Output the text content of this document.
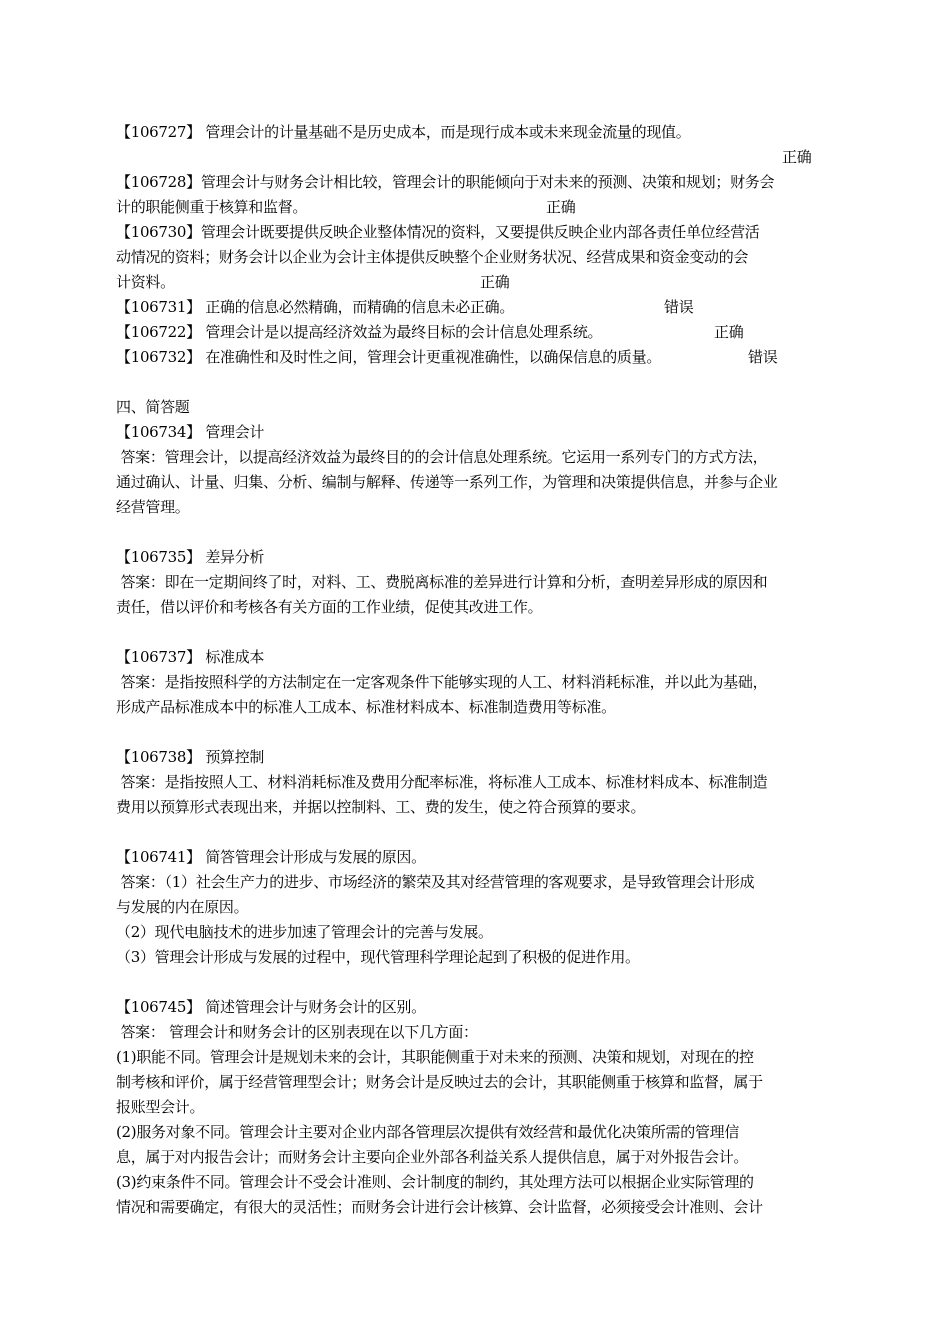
【106727】 管理会计的计量基础不是历史成本，而是现行成本或未来现金流量的现值。
正确
【106728】管理会计与财务会计相比较，管理会计的职能倾向于对未来的预测、决策和规划；财务会
计的职能侧重于核算和监督。	正确
【106730】管理会计既要提供反映企业整体情况的资料，又要提供反映企业内部各责任单位经营活
动情况的资料；财务会计以企业为会计主体提供反映整个企业财务状况、经营成果和资金变动的会
计资料。	正确
【106731】 正确的信息必然精确，而精确的信息未必正确。	错误
【106722】 管理会计是以提高经济效益为最终目标的会计信息处理系统。	正确
【106732】 在准确性和及时性之间，管理会计更重视准确性，以确保信息的质量。	错误
四、简答题
【106734】 管理会计
答案：管理会计，以提高经济效益为最终目的的会计信息处理系统。它运用一系列专门的方式方法，
通过确认、计量、归集、分析、编制与解释、传递等一系列工作，为管理和决策提供信息，并参与企业
经营管理。
【106735】 差异分析
答案：即在一定期间终了时，对料、工、费脱离标准的差异进行计算和分析，查明差异形成的原因和
责任，借以评价和考核各有关方面的工作业绩，促使其改进工作。
【106737】 标准成本
答案：是指按照科学的方法制定在一定客观条件下能够实现的人工、材料消耗标准，并以此为基础，
形成产品标准成本中的标准人工成本、标准材料成本、标准制造费用等标准。
【106738】 预算控制
答案：是指按照人工、材料消耗标准及费用分配率标准，将标准人工成本、标准材料成本、标准制造
费用以预算形式表现出来，并据以控制料、工、费的发生，使之符合预算的要求。
【106741】 简答管理会计形成与发展的原因。
答案：（1）社会生产力的进步、市场经济的繁荣及其对经营管理的客观要求，是导致管理会计形成
与发展的内在原因。
（2）现代电脑技术的进步加速了管理会计的完善与发展。
（3）管理会计形成与发展的过程中，现代管理科学理论起到了积极的促进作用。
【106745】 简述管理会计与财务会计的区别。
答案： 管理会计和财务会计的区别表现在以下几方面：
(1)职能不同。管理会计是规划未来的会计，其职能侧重于对未来的预测、决策和规划，对现在的控
制考核和评价，属于经营管理型会计；财务会计是反映过去的会计，其职能侧重于核算和监督，属于
报账型会计。
(2)服务对象不同。管理会计主要对企业内部各管理层次提供有效经营和最优化决策所需的管理信
息，属于对内报告会计；而财务会计主要向企业外部各利益关系人提供信息，属于对外报告会计。
(3)约束条件不同。管理会计不受会计准则、会计制度的制约，其处理方法可以根据企业实际管理的
情况和需要确定，有很大的灵活性；而财务会计进行会计核算、会计监督，必须接受会计准则、会计
